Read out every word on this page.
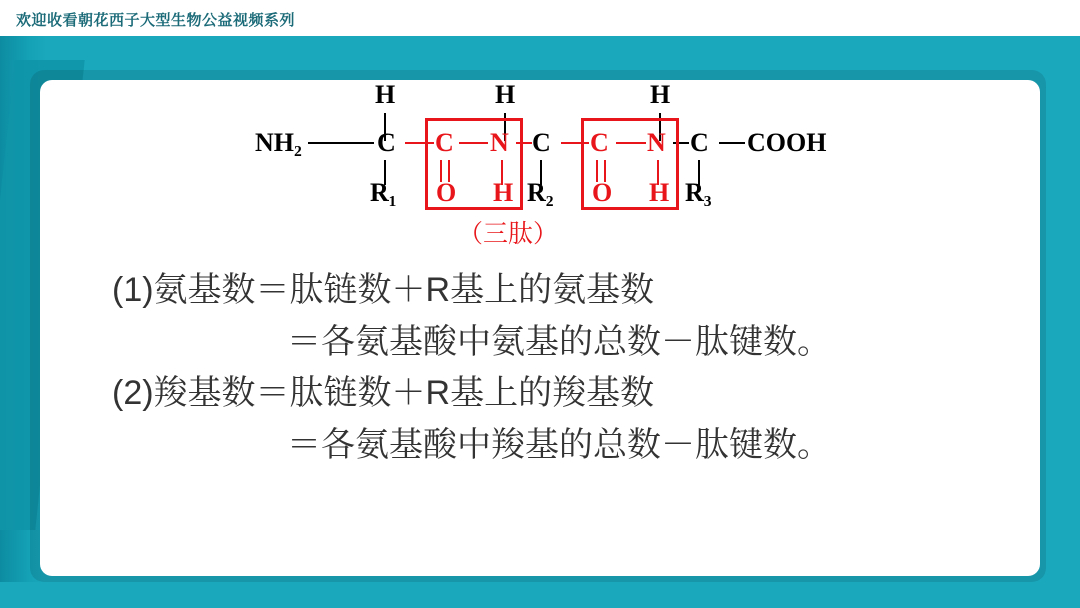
欢迎收看朝花西子大型生物公益视频系列
H	H	H
NH₂	C C N C C N C COOH
R₁ O H R₂ O H R₃
（三肽）
(1)氨基数＝肽链数＋R基上的氨基数
＝各氨基酸中氨基的总数－肽键数。
(2)羧基数＝肽链数＋R基上的羧基数
＝各氨基酸中羧基的总数－肽键数。
